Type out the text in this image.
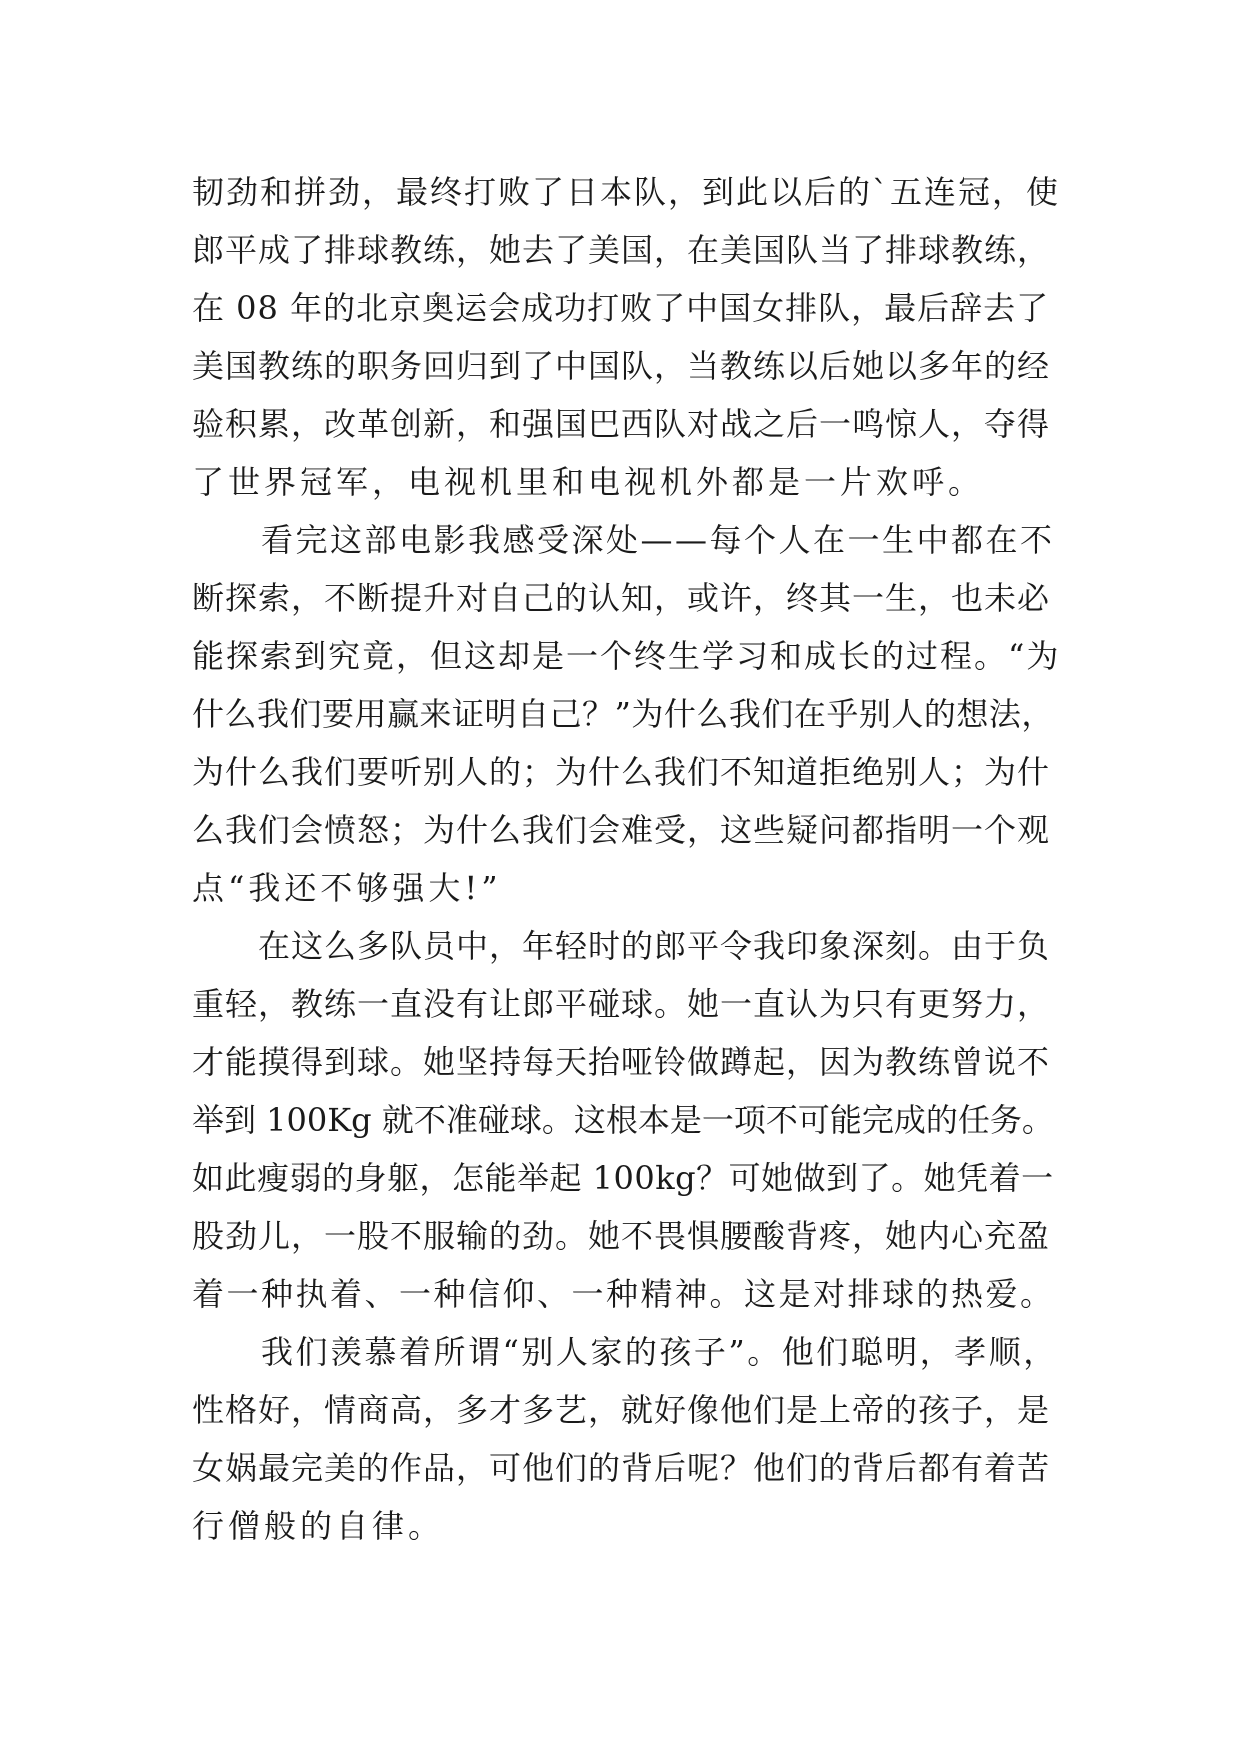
韧劲和拼劲，最终打败了日本队，到此以后的`五连冠，使
郎平成了排球教练，她去了美国，在美国队当了排球教练，
在 08 年的北京奥运会成功打败了中国女排队，最后辞去了
美国教练的职务回归到了中国队，当教练以后她以多年的经
验积累，改革创新，和强国巴西队对战之后一鸣惊人，夺得
了世界冠军，电视机里和电视机外都是一片欢呼。
　　看完这部电影我感受深处——每个人在一生中都在不
断探索，不断提升对自己的认知，或许，终其一生，也未必
能探索到究竟，但这却是一个终生学习和成长的过程。“为
什么我们要用赢来证明自己？”为什么我们在乎别人的想法，
为什么我们要听别人的；为什么我们不知道拒绝别人；为什
么我们会愤怒；为什么我们会难受，这些疑问都指明一个观
点“我还不够强大!”
　　在这么多队员中，年轻时的郎平令我印象深刻。由于负
重轻，教练一直没有让郎平碰球。她一直认为只有更努力，
才能摸得到球。她坚持每天抬哑铃做蹲起，因为教练曾说不
举到 100Kg 就不准碰球。这根本是一项不可能完成的任务。
如此瘦弱的身躯，怎能举起 100kg？可她做到了。她凭着一
股劲儿，一股不服输的劲。她不畏惧腰酸背疼，她内心充盈
着一种执着、一种信仰、一种精神。这是对排球的热爱。
　　我们羡慕着所谓“别人家的孩子”。他们聪明，孝顺，
性格好，情商高，多才多艺，就好像他们是上帝的孩子，是
女娲最完美的作品，可他们的背后呢？他们的背后都有着苦
行僧般的自律。
